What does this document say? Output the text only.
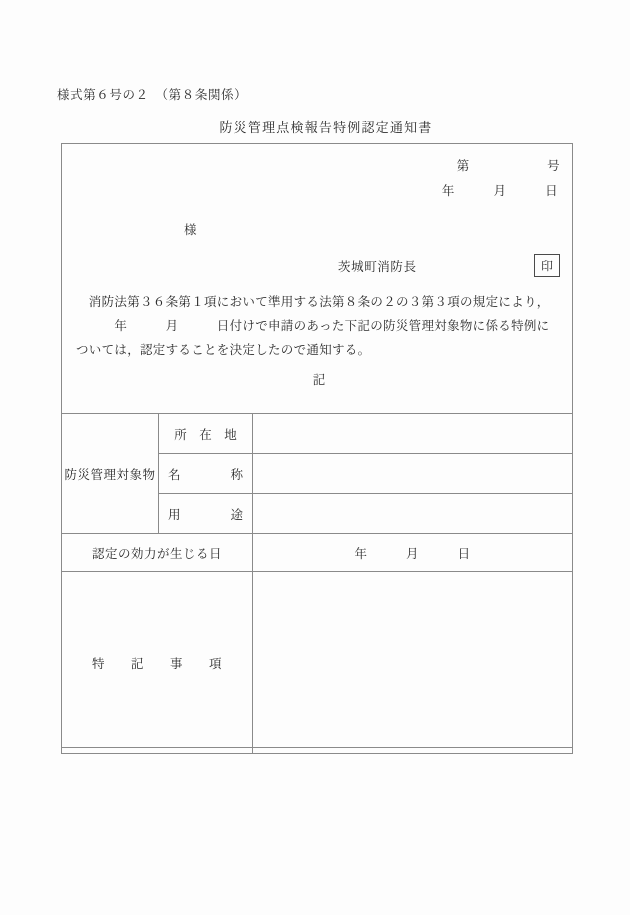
様式第６号の２　（第８条関係）
防災管理点検報告特例認定通知書
第　　　　　　号
年　　　月　　　日
様
茨城町消防長	印

　消防法第３６条第１項において準用する法第８条の２の３第３項の規定により，

　　　年　　　月　　　日付けで申請のあった下記の防災管理対象物に係る特例については，認定することを決定したので通知する。

記
防災管理対象物	所　在　地	
	名　　　　称	
	用　　　　途	
認定の効力が生じる日		年　　　月　　　日
特　　記　　事　　項		
